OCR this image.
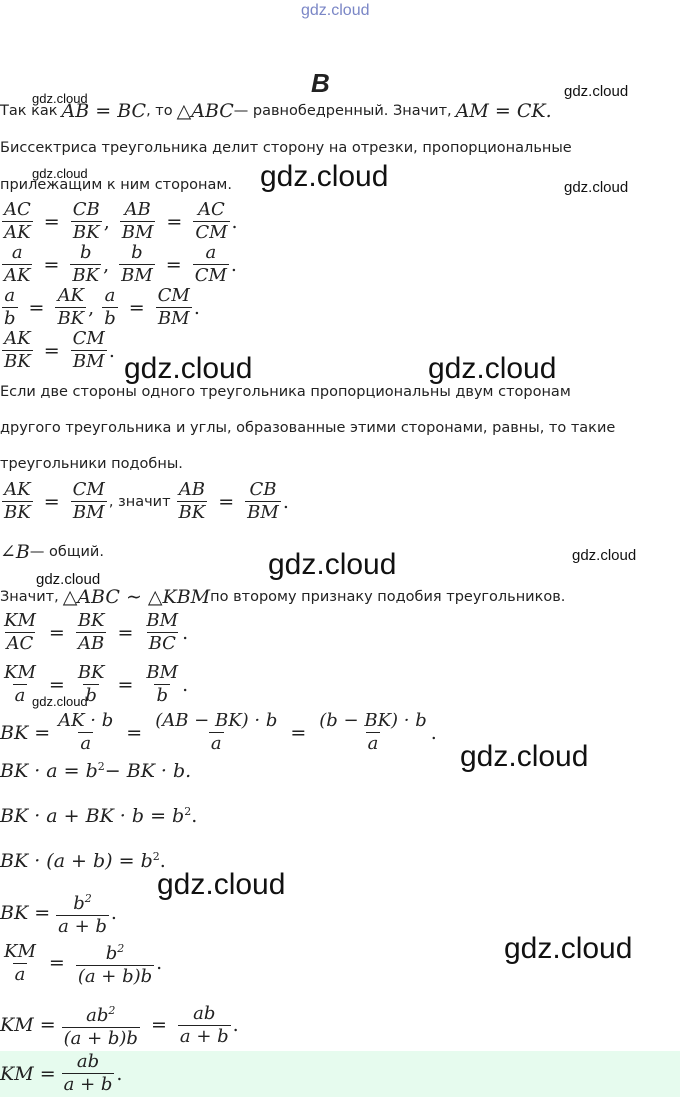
gdz.cloud
В
gdz.cloud	gdz.cloud
gdz.cloud	gdz.cloud	gdz.cloud
gdz.cloud	gdz.cloud
gdz.cloud
gdz.cloud
gdz.cloud
gdz.cloud
gdz.cloud
gdz.cloud
gdz.cloud
Так как AB = BC , то △ABC — равнобедренный. Значит, AM = CK.
Биссектриса треугольника делит сторону на отрезки, пропорциональные
прилежащим к ним сторонам.
$\frac{AC}{AK} = \frac{CB}{BK}$ , $\frac{AB}{BM} = \frac{AC}{CM}$ .
$\frac{a}{AK} = \frac{b}{BK}$ , $\frac{b}{BM} = \frac{a}{CM}$ .
$\frac{a}{b} = \frac{AK}{BK}$ , $\frac{a}{b} = \frac{CM}{BM}$ .
$\frac{AK}{BK} = \frac{CM}{BM}$ .
Если две стороны одного треугольника пропорциональны двум сторонам
другого треугольника и углы, образованные этими сторонами, равны, то такие
треугольники подобны.
$\frac{AK}{BK} = \frac{CM}{BM}$ , значит $\frac{AB}{BK} = \frac{CB}{BM}$ .
∠B — общий.
Значит, △ABC ∼ △KBM по второму признаку подобия треугольников.
$\frac{KM}{AC} = \frac{BK}{AB} = \frac{BM}{BC}$ .
$\frac{KM}{a} = \frac{BK}{b} = \frac{BM}{b}$ .
BK = $\frac{AK \cdot b}{a} = \frac{(AB - BK) \cdot b}{a} = \frac{(b - BK) \cdot b}{a}$ .
BK · $a = b^2$ − BK · b.
BK · a + BK · $b = b^2$ .
BK · $(a + b) = b^2$ .
BK = $\frac{b^2}{a + b}$ .
$\frac{KM}{a} = \frac{b^2}{(a + b)b}$ .
KM = $\frac{ab^2}{(a + b)b} = \frac{ab}{a + b}$ .
KM = $\frac{ab}{a + b}$ .
